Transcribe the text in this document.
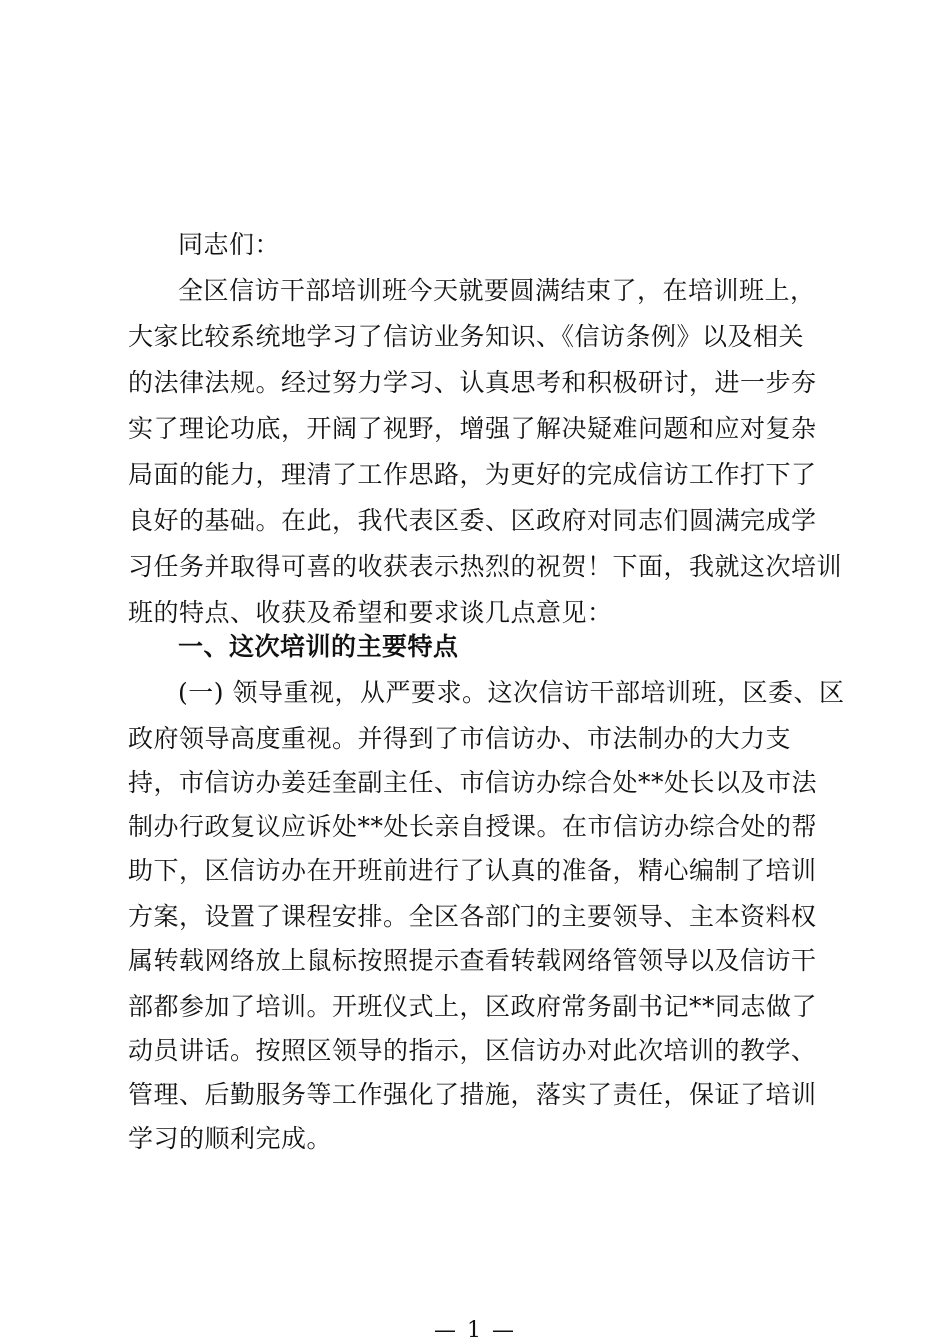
同志们：
全区信访干部培训班今天就要圆满结束了，在培训班上，
大家比较系统地学习了信访业务知识、《信访条例》以及相关
的法律法规。经过努力学习、认真思考和积极研讨，进一步夯
实了理论功底，开阔了视野，增强了解决疑难问题和应对复杂
局面的能力，理清了工作思路，为更好的完成信访工作打下了
良好的基础。在此，我代表区委、区政府对同志们圆满完成学
习任务并取得可喜的收获表示热烈的祝贺！下面，我就这次培训
班的特点、收获及希望和要求谈几点意见：
一、这次培训的主要特点
(一) 领导重视，从严要求。这次信访干部培训班，区委、区
政府领导高度重视。并得到了市信访办、市法制办的大力支
持，市信访办姜廷奎副主任、市信访办综合处**处长以及市法
制办行政复议应诉处**处长亲自授课。在市信访办综合处的帮
助下，区信访办在开班前进行了认真的准备，精心编制了培训
方案，设置了课程安排。全区各部门的主要领导、主本资料权
属转载网络放上鼠标按照提示查看转载网络管领导以及信访干
部都参加了培训。开班仪式上，区政府常务副书记**同志做了
动员讲话。按照区领导的指示，区信访办对此次培训的教学、
管理、后勤服务等工作强化了措施，落实了责任，保证了培训
学习的顺利完成。
— 1 —
